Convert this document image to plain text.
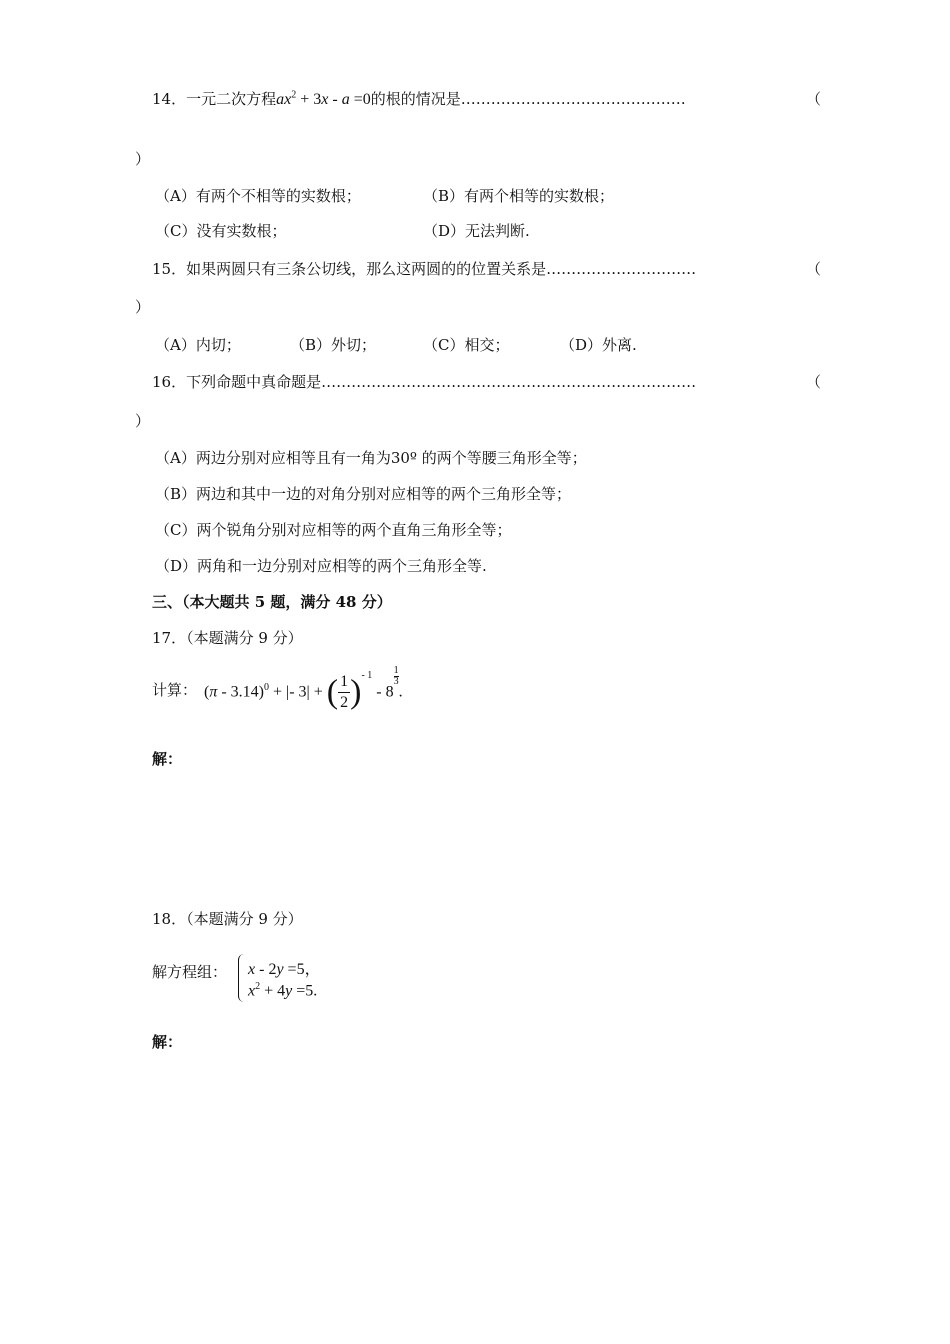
14．一元二次方程$ax^2 + 3x - a =0$的根的情况是………………………………………	（
）
（A）有两个不相等的实数根；	（B）有两个相等的实数根；
（C）没有实数根；	（D）无法判断.
15．如果两圆只有三条公切线，那么这两圆的的位置关系是…………………………	（
）
（A）内切；	（B）外切；	（C）相交；	（D）外离.
16．下列命题中真命题是…………………………………………………………………	（
）
（A）两边分别对应相等且有一角为30º 的两个等腰三角形全等；
（B）两边和其中一边的对角分别对应相等的两个三角形全等；
（C）两个锐角分别对应相等的两个直角三角形全等；
（D）两角和一边分别对应相等的两个三角形全等.
三、（本大题共 5 题，满分 48 分）
17．（本题满分 9 分）
计算： (π - 3.14)$^0$ + |- 3| + ( $\frac{1}{2} )^{- 1} - 8$
$^{\frac{1}{3}}$
.
解：
18．（本题满分 9 分）
解方程组： x - 2y =5，
$x^2 + 4y =5$.
解：
